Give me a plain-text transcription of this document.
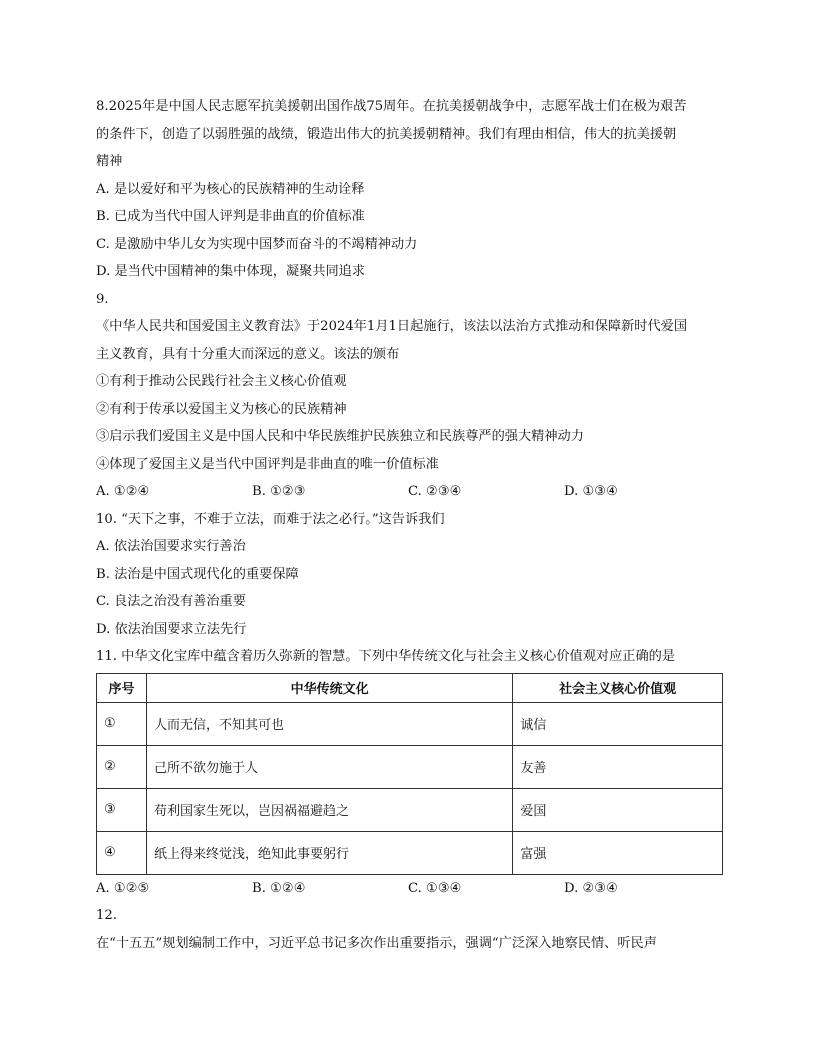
8.2025年是中国人民志愿军抗美援朝出国作战75周年。在抗美援朝战争中，志愿军战士们在极为艰苦
的条件下，创造了以弱胜强的战绩，锻造出伟大的抗美援朝精神。我们有理由相信，伟大的抗美援朝
精神
A. 是以爱好和平为核心的民族精神的生动诠释
B. 已成为当代中国人评判是非曲直的价值标准
C. 是激励中华儿女为实现中国梦而奋斗的不竭精神动力
D. 是当代中国精神的集中体现，凝聚共同追求
9.
《中华人民共和国爱国主义教育法》于2024年1月1日起施行，该法以法治方式推动和保障新时代爱国
主义教育，具有十分重大而深远的意义。该法的颁布
①有利于推动公民践行社会主义核心价值观
②有利于传承以爱国主义为核心的民族精神
③启示我们爱国主义是中国人民和中华民族维护民族独立和民族尊严的强大精神动力
④体现了爱国主义是当代中国评判是非曲直的唯一价值标准
A. ①②④	B. ①②③	C. ②③④	D. ①③④
10. “天下之事，不难于立法，而难于法之必行。”这告诉我们
A. 依法治国要求实行善治
B. 法治是中国式现代化的重要保障
C. 良法之治没有善治重要
D. 依法治国要求立法先行
11. 中华文化宝库中蕴含着历久弥新的智慧。下列中华传统文化与社会主义核心价值观对应正确的是
序号	中华传统文化	社会主义核心价值观
①	人而无信，不知其可也	诚信
②	己所不欲勿施于人	友善
③	苟利国家生死以，岂因祸福避趋之	爱国
④	纸上得来终觉浅，绝知此事要躬行	富强
A. ①②⑤	B. ①②④	C. ①③④	D. ②③④
12.
在“十五五”规划编制工作中，习近平总书记多次作出重要指示，强调“广泛深入地察民情、听民声
